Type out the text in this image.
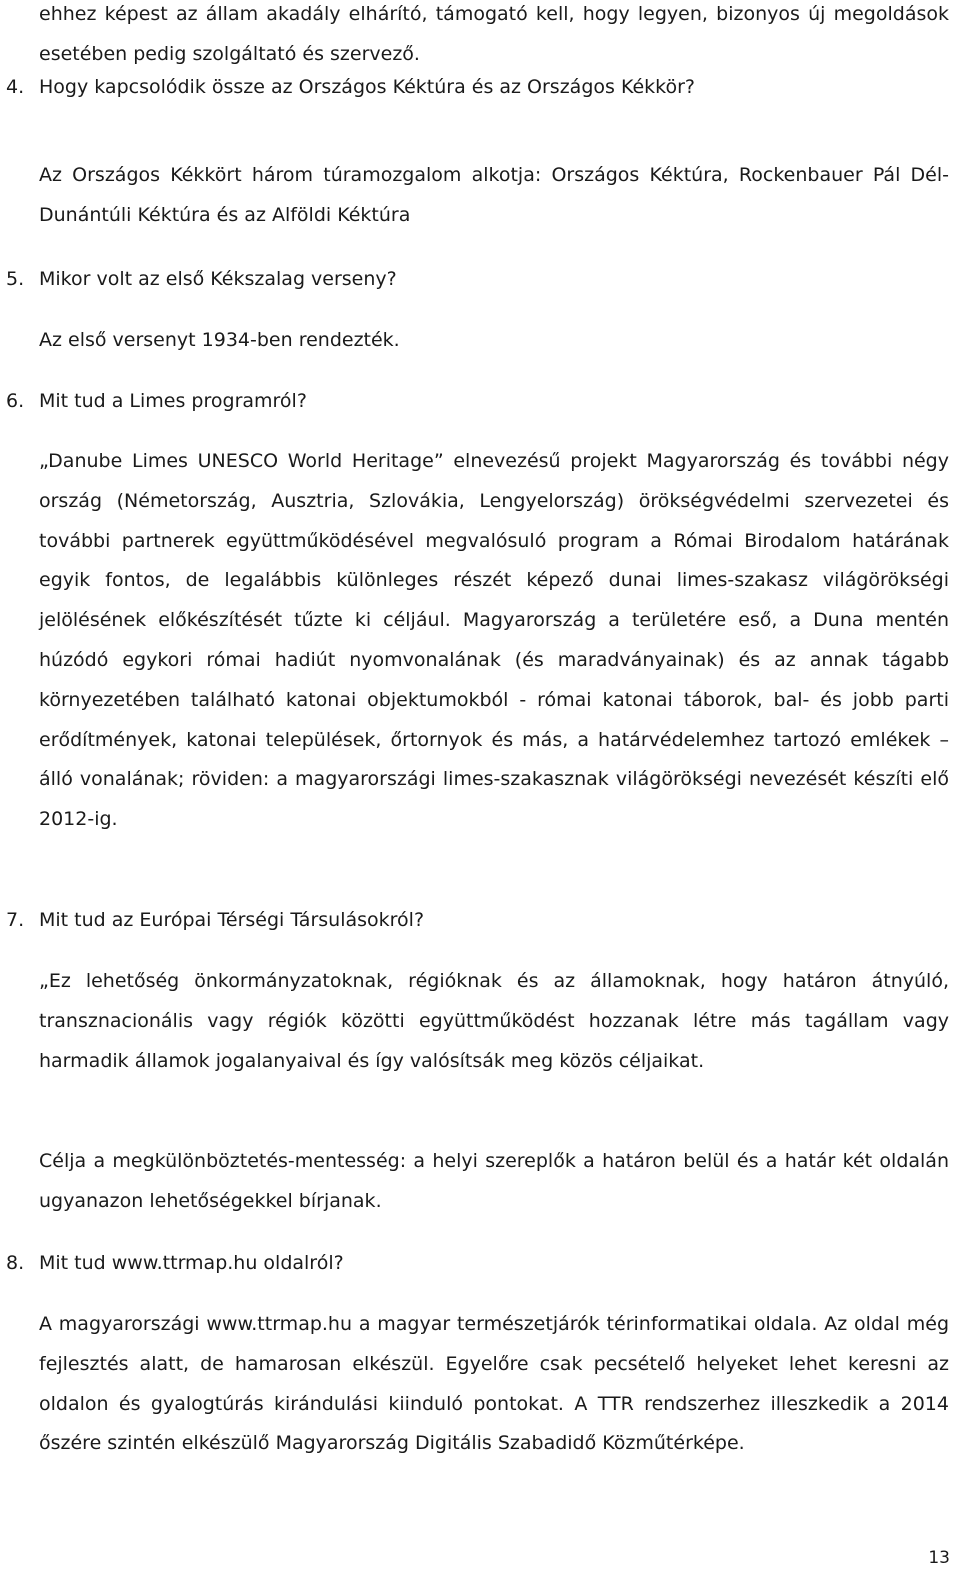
ehhez képest az állam akadály elhárító, támogató kell, hogy legyen, bizonyos új megoldások esetében pedig szolgáltató és szervező.

4. Hogy kapcsolódik össze az Országos Kéktúra és az Országos Kékkör?

Az Országos Kékkört három túramozgalom alkotja: Országos Kéktúra, Rockenbauer Pál Dél-Dunántúli Kéktúra és az Alföldi Kéktúra

5. Mikor volt az első Kékszalag verseny?

Az első versenyt 1934-ben rendezték.

6. Mit tud a Limes programról?

„Danube Limes UNESCO World Heritage” elnevezésű projekt Magyarország és további négy ország (Németország, Ausztria, Szlovákia, Lengyelország) örökségvédelmi szervezetei és további partnerek együttműködésével megvalósuló program a Római Birodalom határának egyik fontos, de legalábbis különleges részét képező dunai limes-szakasz világörökségi jelölésének előkészítését tűzte ki céljául. Magyarország a területére eső, a Duna mentén húzódó egykori római hadiút nyomvonalának (és maradványainak) és az annak tágabb környezetében található katonai objektumokból - római katonai táborok, bal- és jobb parti erődítmények, katonai települések, őrtornyok és más, a határvédelemhez tartozó emlékek – álló vonalának; röviden: a magyarországi limes-szakasznak világörökségi nevezését készíti elő 2012-ig.

7. Mit tud az Európai Térségi Társulásokról?

„Ez lehetőség önkormányzatoknak, régióknak és az államoknak, hogy határon átnyúló, transznacionális vagy régiók közötti együttműködést hozzanak létre más tagállam vagy harmadik államok jogalanyaival és így valósítsák meg közös céljaikat.

Célja a megkülönböztetés-mentesség: a helyi szereplők a határon belül és a határ két oldalán ugyanazon lehetőségekkel bírjanak.

8. Mit tud www.ttrmap.hu oldalról?

A magyarországi www.ttrmap.hu a magyar természetjárók térinformatikai oldala. Az oldal még fejlesztés alatt, de hamarosan elkészül. Egyelőre csak pecsételő helyeket lehet keresni az oldalon és gyalogtúrás kirándulási kiinduló pontokat. A TTR rendszerhez illeszkedik a 2014 őszére szintén elkészülő Magyarország Digitális Szabadidő Közműtérképe.

13
